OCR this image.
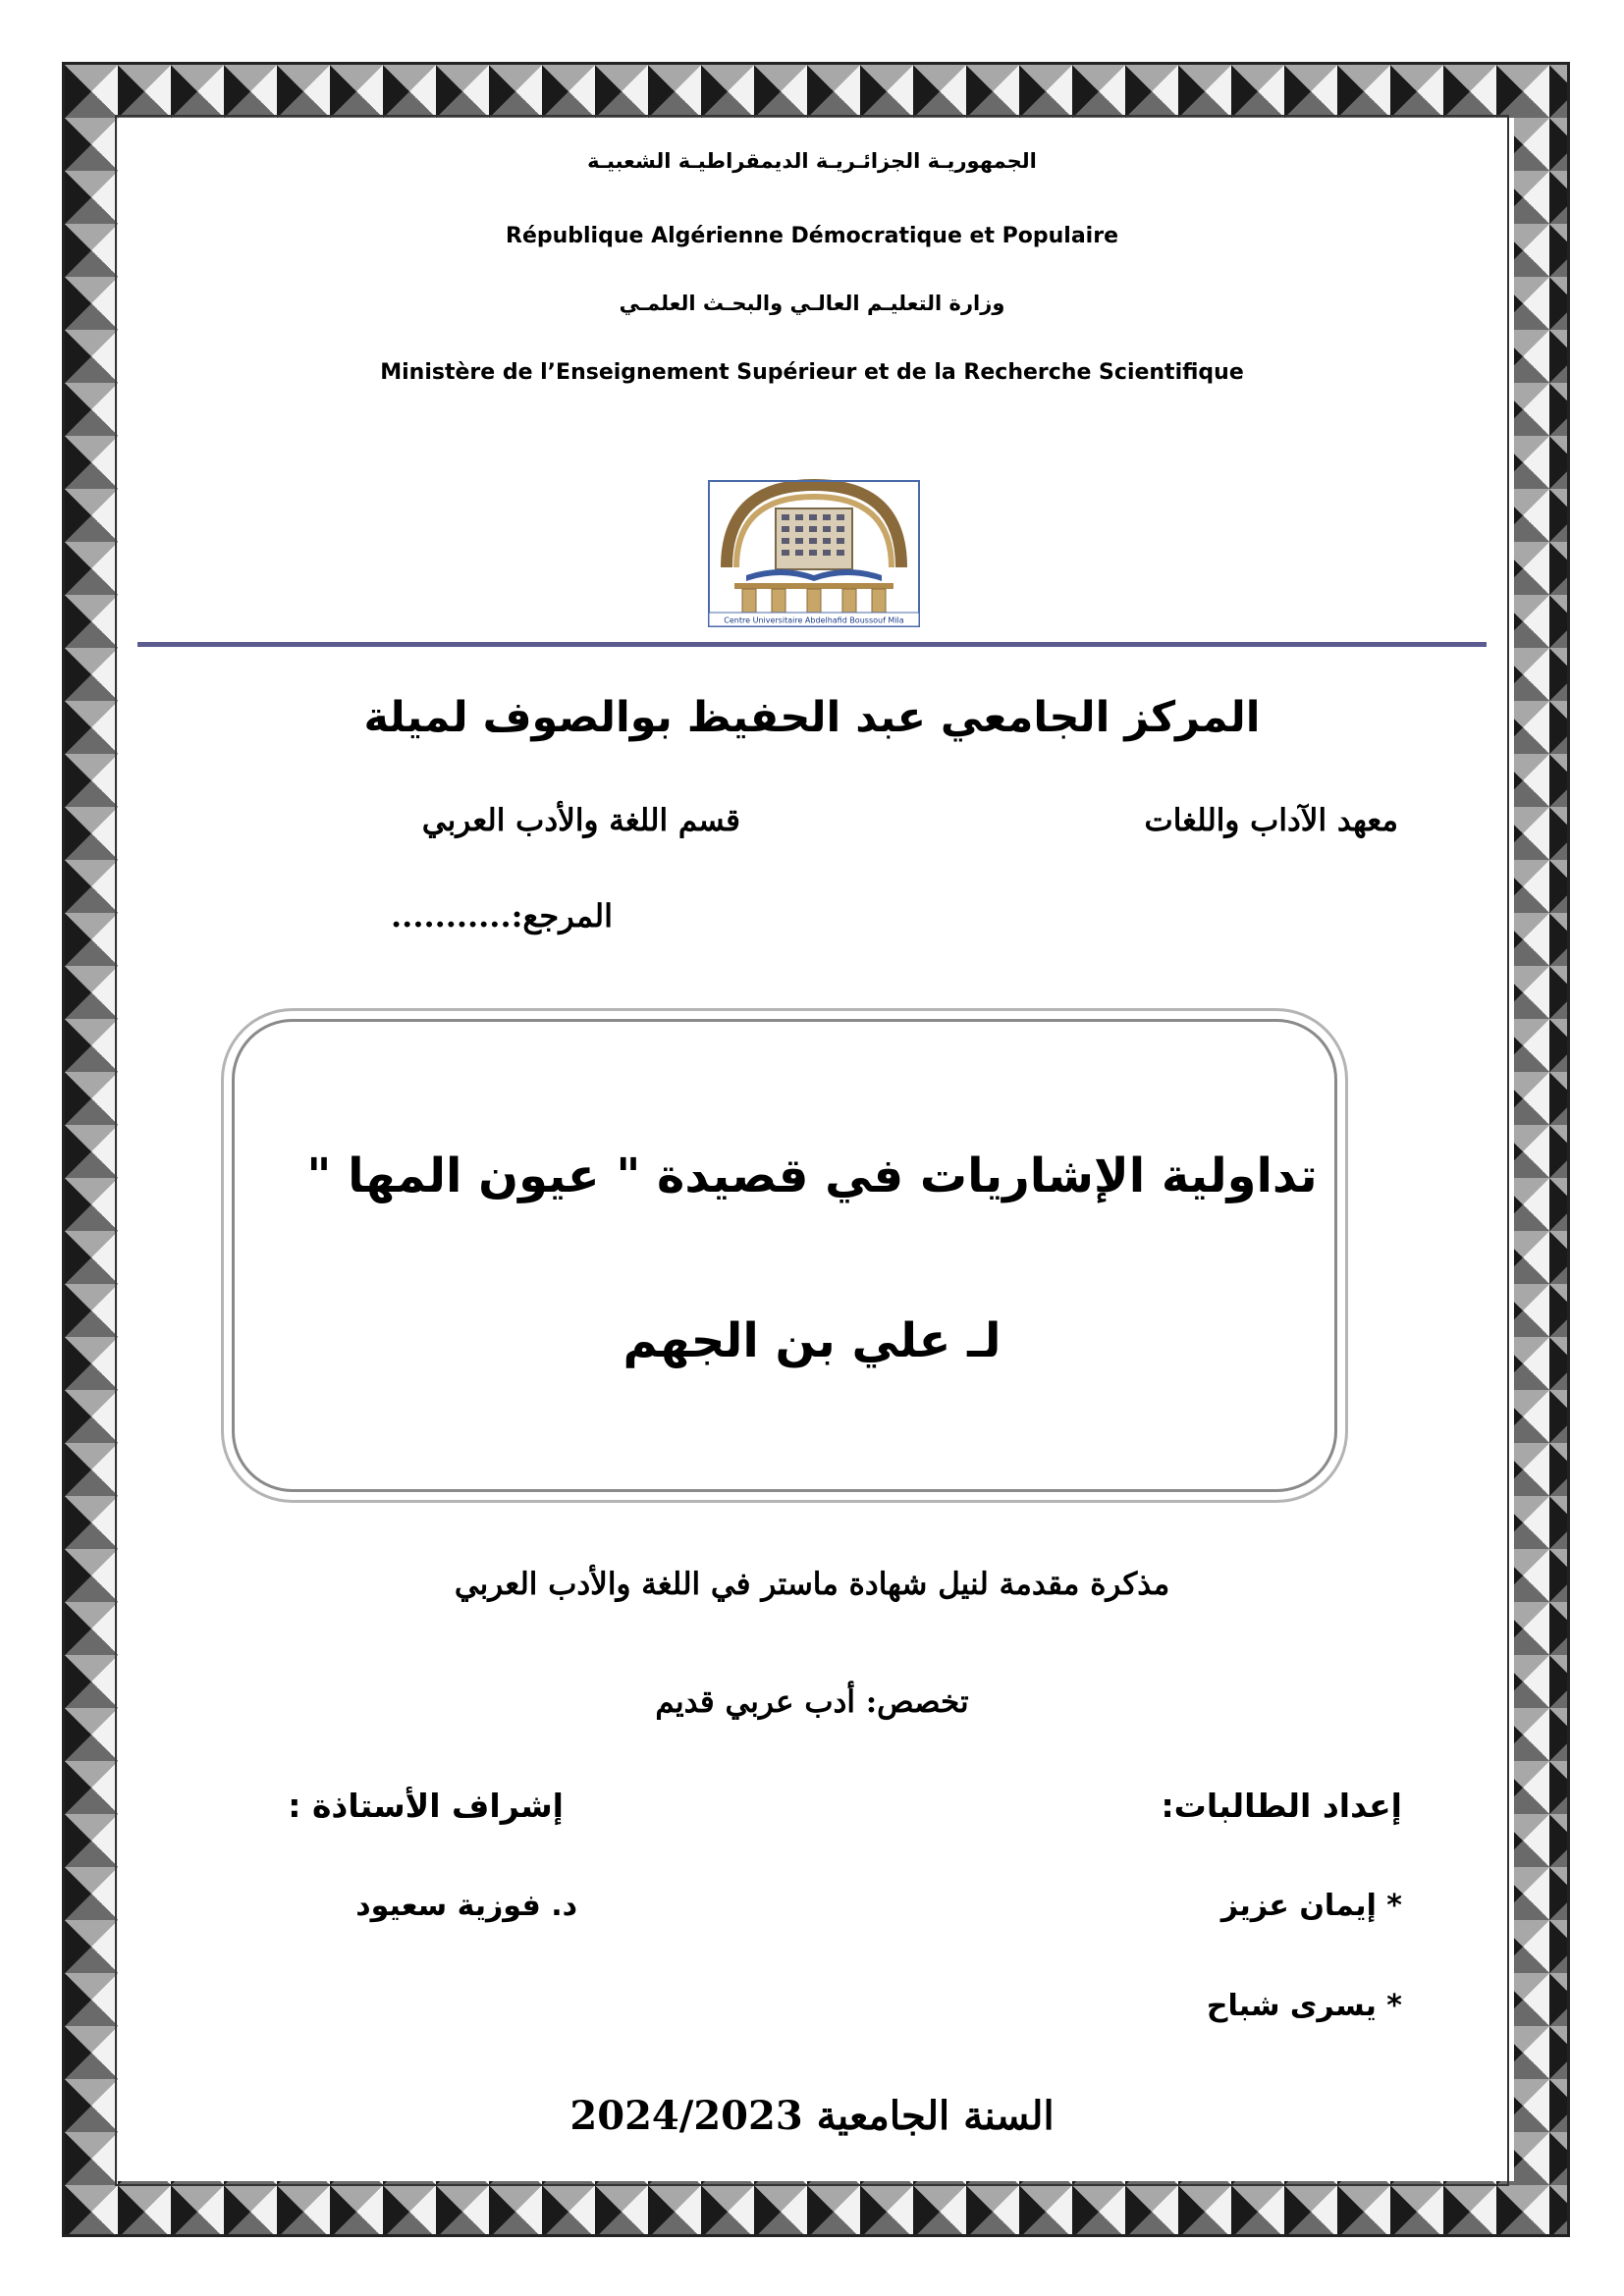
الجمهوريـة الجزائـريـة الديمقراطيـة الشعبيـة
République Algérienne Démocratique et Populaire
وزارة التعليـم العالـي والبحـث العلمـي
Ministère de l’Enseignement Supérieur et de la Recherche Scientifique
Centre Universitaire Abdelhafid Boussouf Mila
المركز الجامعي عبد الحفيظ بوالصوف لميلة
معهد الآداب واللغات
قسم اللغة والأدب العربي
المرجع:...........
تداولية الإشاريات في قصيدة " عيون المها "
لـ علي بن الجهم
مذكرة مقدمة لنيل شهادة ماستر في اللغة والأدب العربي
تخصص: أدب عربي قديم
إعداد الطالبات:
إشراف الأستاذة :
* إيمان عزيز
د. فوزية سعيود
* يسرى شباح
السنة الجامعية 2024/2023
